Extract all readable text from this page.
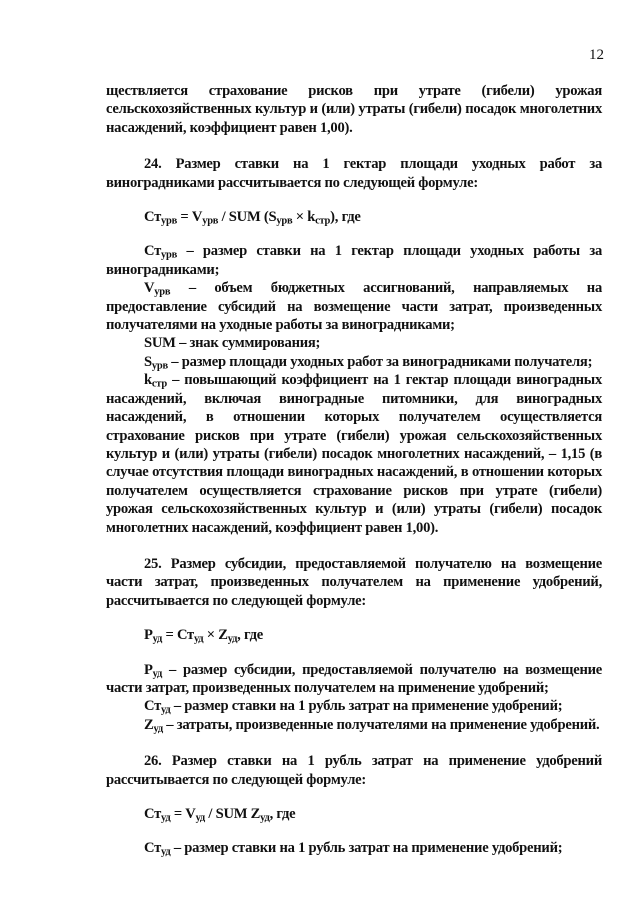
12

ществляется страхование рисков при утрате (гибели) урожая сельскохозяйственных культур и (или) утраты (гибели) посадок многолетних насаждений, коэффициент равен 1,00).

24. Размер ставки на 1 гектар площади уходных работ за виноградниками рассчитывается по следующей формуле:

$Ст_{урв} = V_{урв}$ / SUM $(S_{урв} \times k_{стр})$, где

$Ст_{урв}$ – размер ставки на 1 гектар площади уходных работы за виноградниками;

$V_{урв}$ – объем бюджетных ассигнований, направляемых на предоставление субсидий на возмещение части затрат, произведенных получателями на уходные работы за виноградниками;

SUM – знак суммирования;

$S_{урв}$ – размер площади уходных работ за виноградниками получателя;

$k_{стр}$ – повышающий коэффициент на 1 гектар площади виноградных насаждений, включая виноградные питомники, для виноградных насаждений, в отношении которых получателем осуществляется страхование рисков при утрате (гибели) урожая сельскохозяйственных культур и (или) утраты (гибели) посадок многолетних насаждений, – 1,15 (в случае отсутствия площади виноградных насаждений, в отношении которых получателем осуществляется страхование рисков при утрате (гибели) урожая сельскохозяйственных культур и (или) утраты (гибели) посадок многолетних насаждений, коэффициент равен 1,00).

25. Размер субсидии, предоставляемой получателю на возмещение части затрат, произведенных получателем на применение удобрений, рассчитывается по следующей формуле:

$P_{уд} = Ст_{уд} \times Z_{уд}$, где

$P_{уд}$ – размер субсидии, предоставляемой получателю на возмещение части затрат, произведенных получателем на применение удобрений;

$Ст_{уд}$ – размер ставки на 1 рубль затрат на применение удобрений;

$Z_{уд}$ – затраты, произведенные получателями на применение удобрений.

26. Размер ставки на 1 рубль затрат на применение удобрений рассчитывается по следующей формуле:

$Ст_{уд} = V_{уд}$ / SUM $Z_{уд}$, где

$Ст_{уд}$ – размер ставки на 1 рубль затрат на применение удобрений;
